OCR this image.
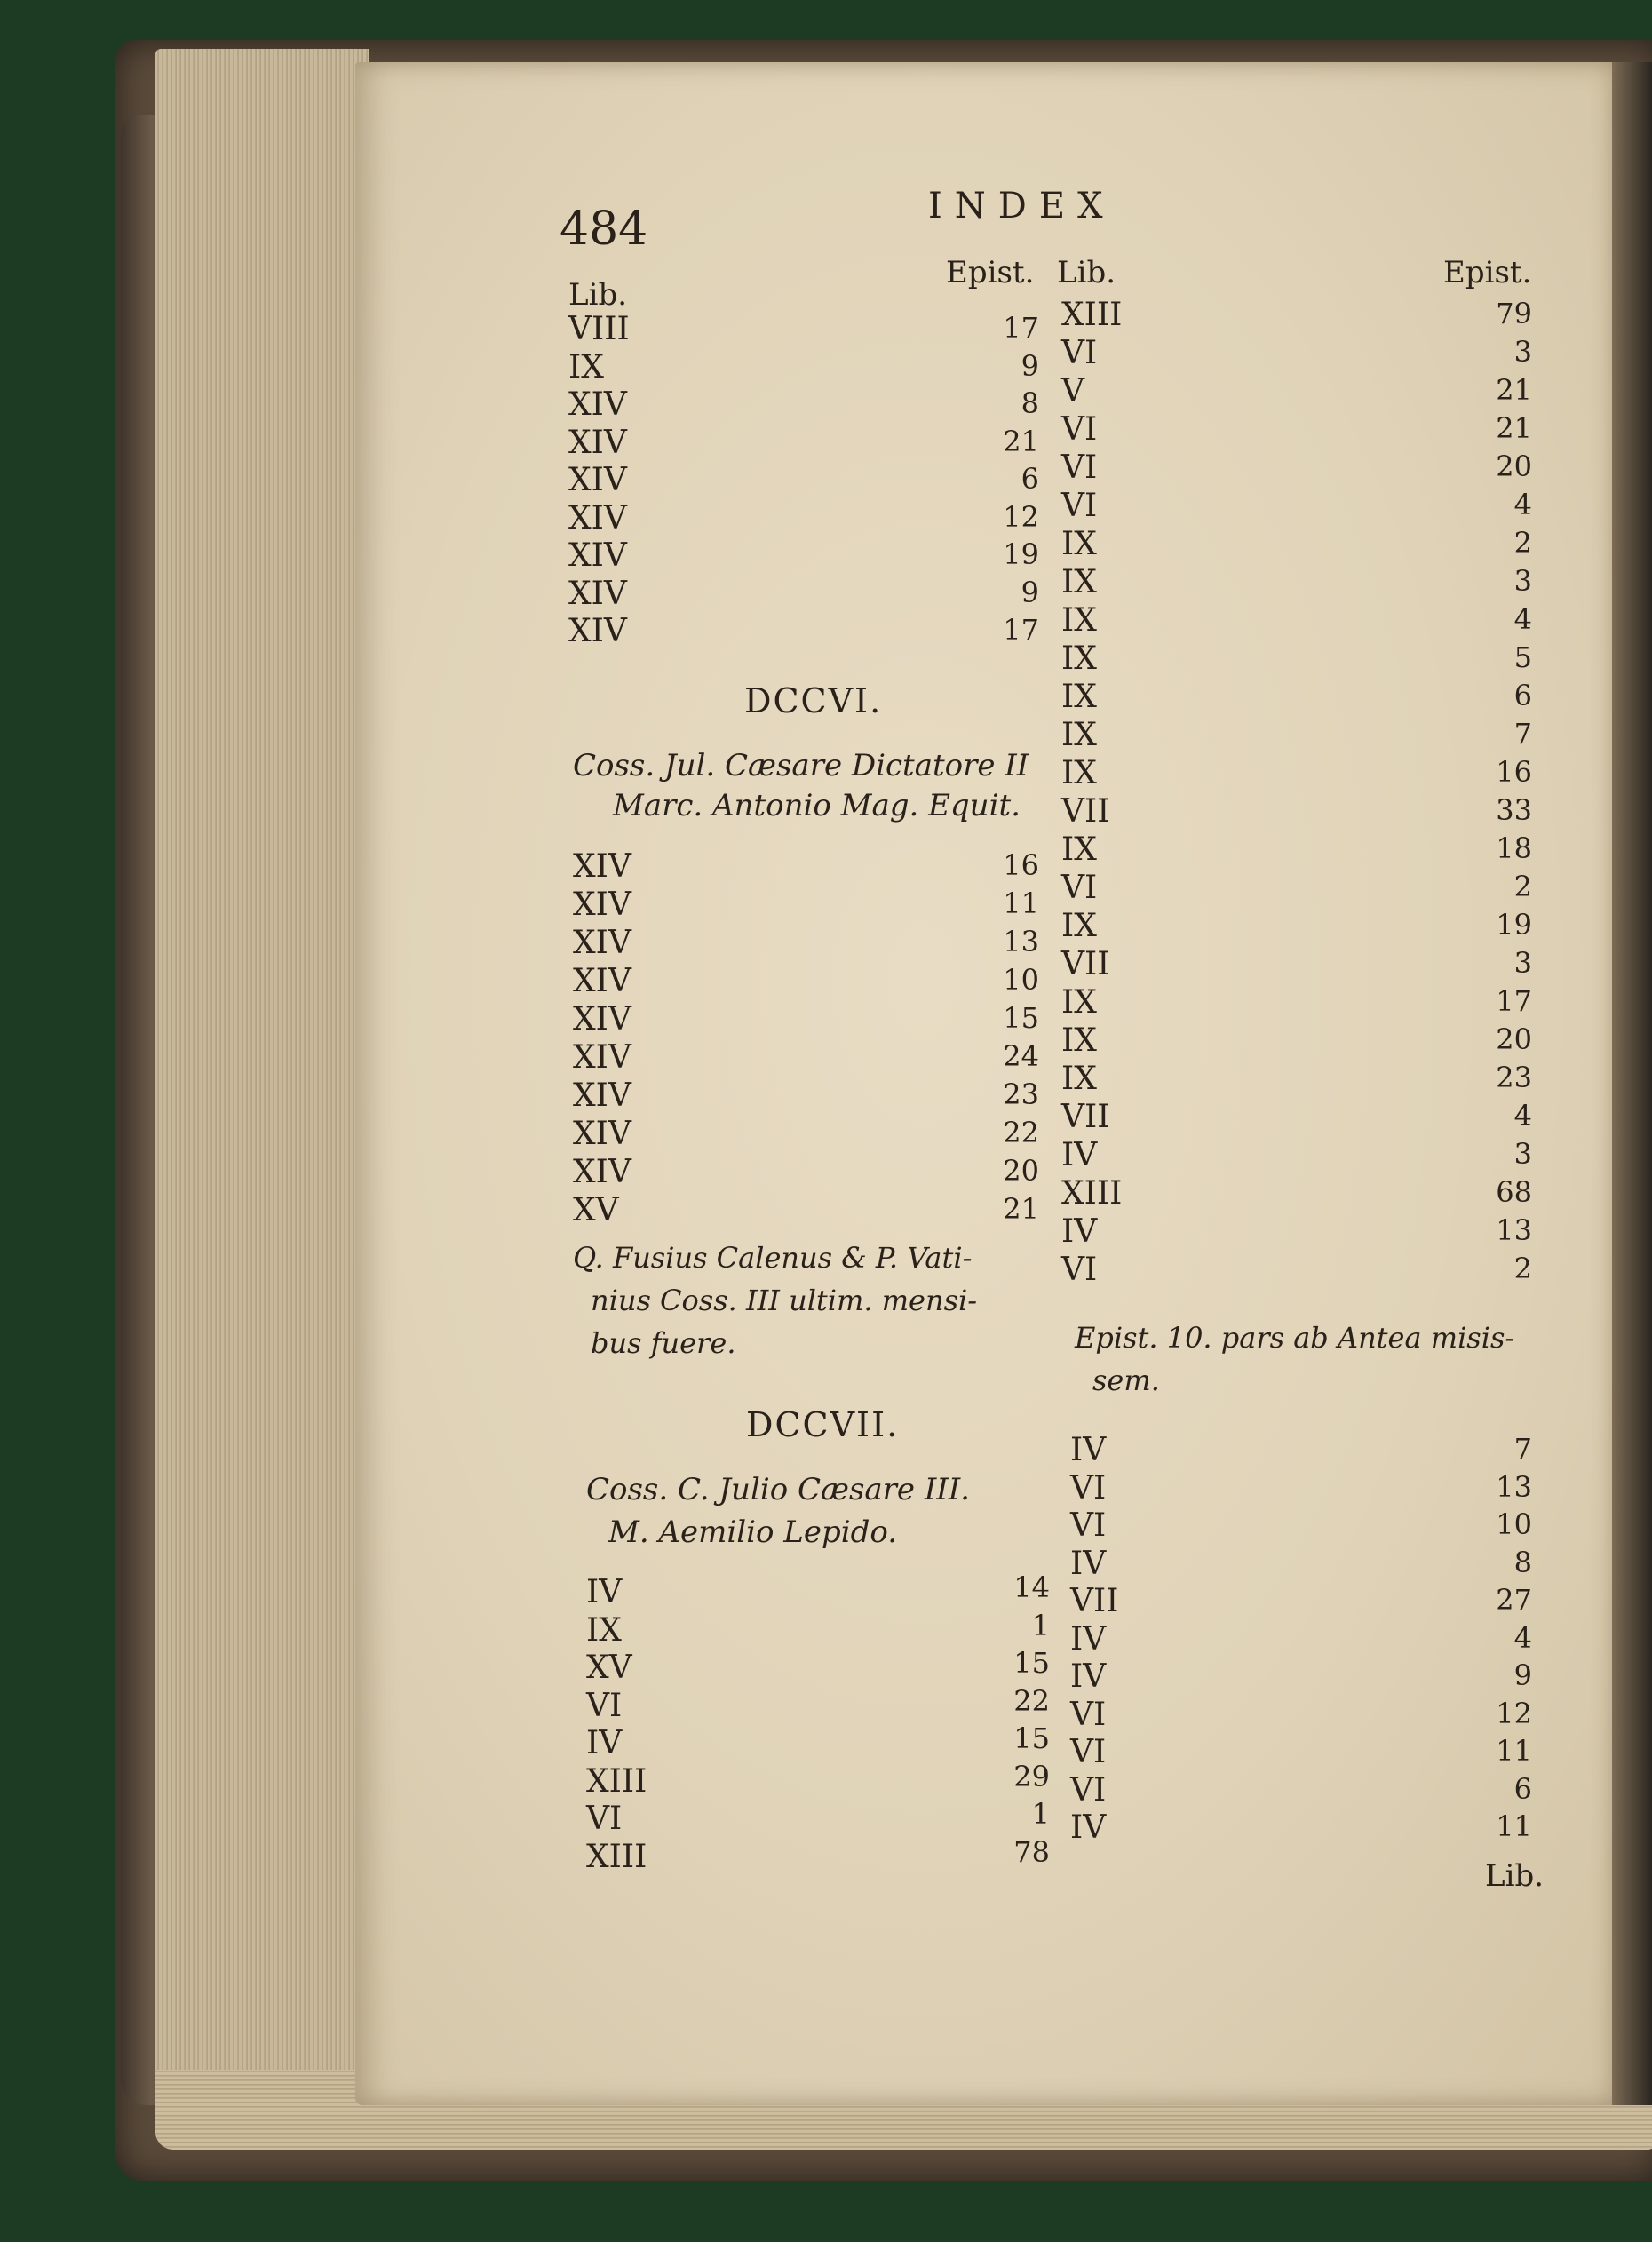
484	INDEX
Lib.
Epist.
VIII	17
IX	9
XIV	8
XIV	21
XIV	6
XIV	12
XIV	19
XIV	9
XIV	17
DCCVI.
Coss. Jul. Cæsare Dictatore II
Marc. Antonio Mag. Equit.
XIV	16
XIV	11
XIV	13
XIV	10
XIV	15
XIV	24
XIV	23
XIV	22
XIV	20
XV	21
Q. Fusius Calenus & P. Vati-
nius Coss. III ultim. mensi-
bus fuere.
DCCVII.
Coss. C. Julio Cæsare III.
M. Aemilio Lepido.
IV	14
IX	1
XV	15
VI	22
IV	15
XIII	29
VI	1
XIII	78
Lib.	Epist.
XIII	79
VI	3
V	21
VI	21
VI	20
VI	4
IX	2
IX	3
IX	4
IX	5
IX	6
IX	7
IX	16
VII	33
IX	18
VI	2
IX	19
VII	3
IX	17
IX	20
IX	23
VII	4
IV	3
XIII	68
IV	13
VI	2
Epist. 10. pars ab Antea misis-
sem.
IV	7
VI	13
VI	10
IV	8
VII	27
IV	4
IV	9
VI	12
VI	11
VI	6
IV	11
Lib.
